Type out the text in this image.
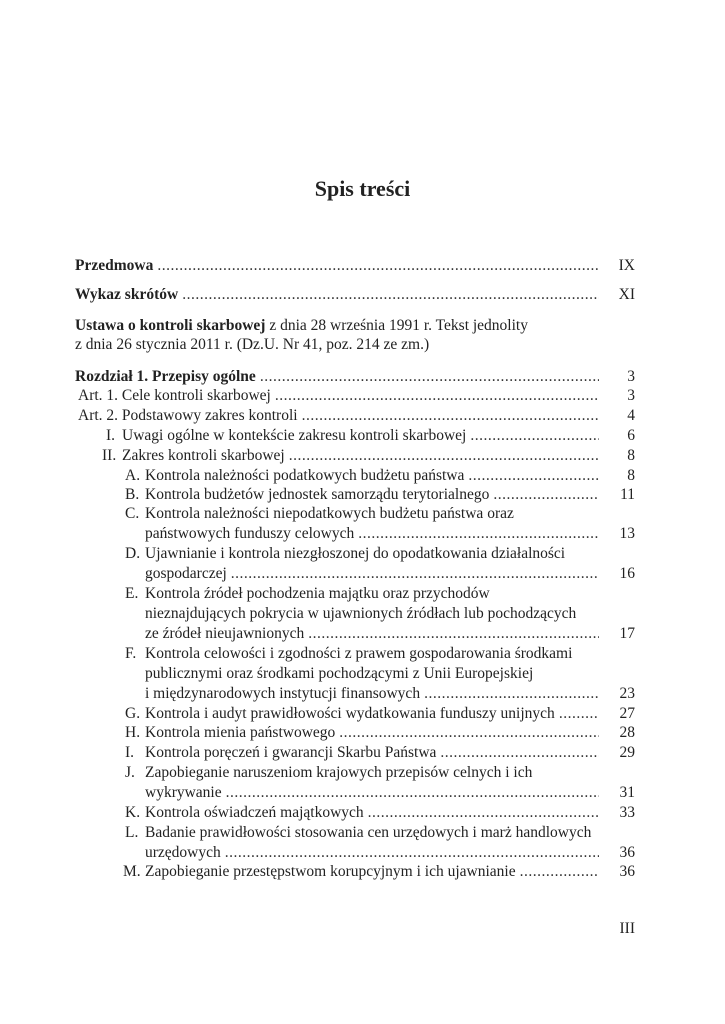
Spis treści
Przedmowa .....	IX
Wykaz skrótów .....	XI
Ustawa o kontroli skarbowej z dnia 28 września 1991 r. Tekst jednolity
z dnia 26 stycznia 2011 r. (Dz.U. Nr 41, poz. 214 ze zm.)
Rozdział 1. Przepisy ogólne .....	3
Art. 1. Cele kontroli skarbowej .....	3
Art. 2. Podstawowy zakres kontroli .....	4
I. Uwagi ogólne w kontekście zakresu kontroli skarbowej .....	6
II. Zakres kontroli skarbowej .....	8
A. Kontrola należności podatkowych budżetu państwa .....	8
B. Kontrola budżetów jednostek samorządu terytorialnego .....	11
C. Kontrola należności niepodatkowych budżetu państwa oraz
państwowych funduszy celowych .....	13
D. Ujawnianie i kontrola niezgłoszonej do opodatkowania działalności
gospodarczej .....	16
E. Kontrola źródeł pochodzenia majątku oraz przychodów
nieznajdujących pokrycia w ujawnionych źródłach lub pochodzących
ze źródeł nieujawnionych .....	17
F. Kontrola celowości i zgodności z prawem gospodarowania środkami
publicznymi oraz środkami pochodzącymi z Unii Europejskiej
i międzynarodowych instytucji finansowych .....	23
G. Kontrola i audyt prawidłowości wydatkowania funduszy unijnych .....	27
H. Kontrola mienia państwowego .....	28
I. Kontrola poręczeń i gwarancji Skarbu Państwa .....	29
J. Zapobieganie naruszeniom krajowych przepisów celnych i ich
wykrywanie .....	31
K. Kontrola oświadczeń majątkowych .....	33
L. Badanie prawidłowości stosowania cen urzędowych i marż handlowych
urzędowych .....	36
M. Zapobieganie przestępstwom korupcyjnym i ich ujawnianie .....	36
III
